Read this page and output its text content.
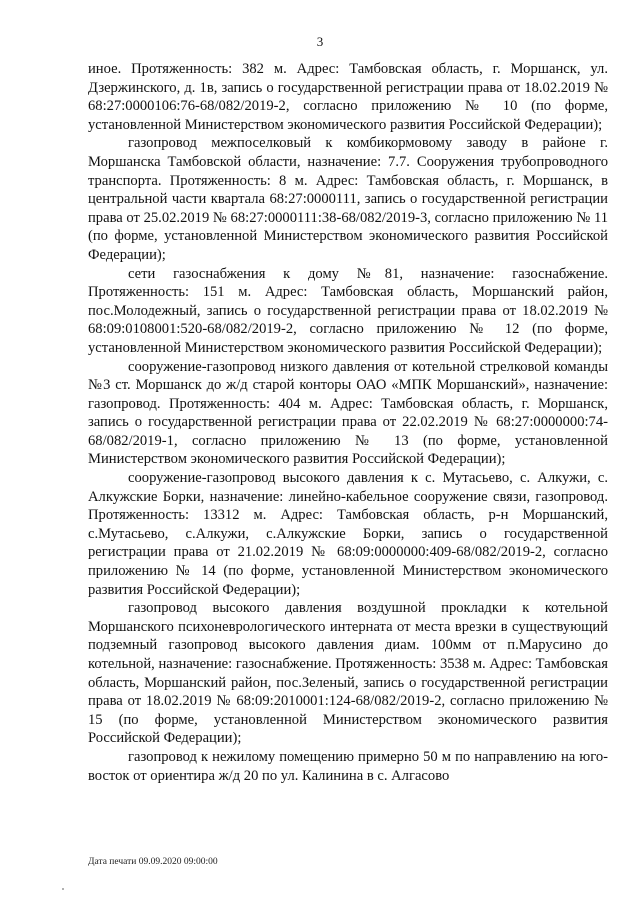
3

иное. Протяженность: 382 м. Адрес: Тамбовская область, г. Моршанск, ул. Дзержинского, д. 1в, запись о государственной регистрации права от 18.02.2019 № 68:27:0000106:76-68/082/2019-2, согласно приложению № 10 (по форме, установленной Министерством экономического развития Российской Федерации);

газопровод межпоселковый к комбикормовому заводу в районе г. Моршанска Тамбовской области, назначение: 7.7. Сооружения трубопроводного транспорта. Протяженность: 8 м. Адрес: Тамбовская область, г. Моршанск, в центральной части квартала 68:27:0000111, запись о государственной регистрации права от 25.02.2019 № 68:27:0000111:38-68/082/2019-3, согласно приложению № 11 (по форме, установленной Министерством экономического развития Российской Федерации);

сети газоснабжения к дому №81, назначение: газоснабжение. Протяженность: 151 м. Адрес: Тамбовская область, Моршанский район, пос.Молодежный, запись о государственной регистрации права от 18.02.2019 № 68:09:0108001:520-68/082/2019-2, согласно приложению № 12 (по форме, установленной Министерством экономического развития Российской Федерации);

сооружение-газопровод низкого давления от котельной стрелковой команды №3 ст. Моршанск до ж/д старой конторы ОАО «МПК Моршанский», назначение: газопровод. Протяженность: 404 м. Адрес: Тамбовская область, г. Моршанск, запись о государственной регистрации права от 22.02.2019 № 68:27:0000000:74-68/082/2019-1, согласно приложению № 13 (по форме, установленной Министерством экономического развития Российской Федерации);

сооружение-газопровод высокого давления к с. Мутасьево, с. Алкужи, с. Алкужские Борки, назначение: линейно-кабельное сооружение связи, газопровод. Протяженность: 13312 м. Адрес: Тамбовская область, р-н Моршанский, с.Мутасьево, с.Алкужи, с.Алкужские Борки, запись о государственной регистрации права от 21.02.2019 № 68:09:0000000:409-68/082/2019-2, согласно приложению № 14 (по форме, установленной Министерством экономического развития Российской Федерации);

газопровод высокого давления воздушной прокладки к котельной Моршанского психоневрологического интерната от места врезки в существующий подземный газопровод высокого давления диам. 100мм от п.Марусино до котельной, назначение: газоснабжение. Протяженность: 3538 м. Адрес: Тамбовская область, Моршанский район, пос.Зеленый, запись о государственной регистрации права от 18.02.2019 № 68:09:2010001:124-68/082/2019-2, согласно приложению № 15 (по форме, установленной Министерством экономического развития Российской Федерации);

газопровод к нежилому помещению примерно 50 м по направлению на юго-восток от ориентира ж/д 20 по ул. Калинина в с. Алгасово

Дата печати 09.09.2020 09:00:00
